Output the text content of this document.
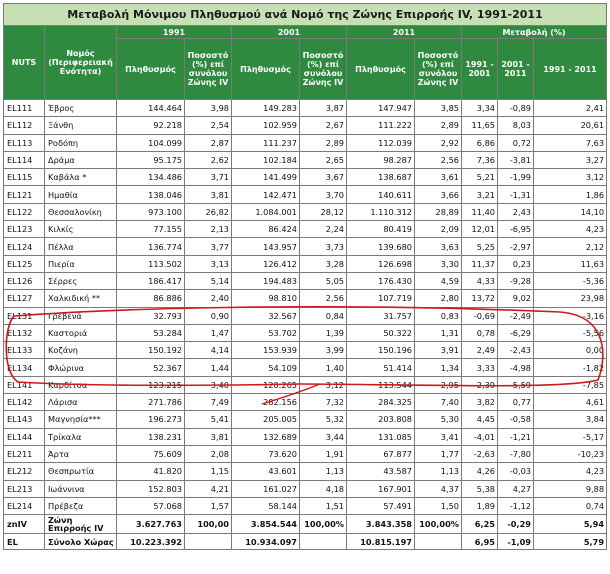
Μεταβολή Μόνιμου Πληθυσμού ανά Νομό της Ζώνης Επιρροής IV, 1991-2011										
NUTS	Νομός (Περιφερειακή Ενότητα)	1991		2001		2011		Μεταβολή (%)		
		Πληθυσμός	Ποσοστό (%) επί συνόλου Ζώνης IV	Πληθυσμός	Ποσοστό (%) επί συνόλου Ζώνης IV	Πληθυσμός	Ποσοστό (%) επί συνόλου Ζώνης IV	1991 - 2001	2001 - 2011	1991 - 2011
EL111	Έβρος	144.464	3,98	149.283	3,87	147.947	3,85	3,34	-0,89	2,41
EL112	Ξάνθη	92.218	2,54	102.959	2,67	111.222	2,89	11,65	8,03	20,61
EL113	Ροδόπη	104.099	2,87	111.237	2,89	112.039	2,92	6,86	0,72	7,63
EL114	Δράμα	95.175	2,62	102.184	2,65	98.287	2,56	7,36	-3,81	3,27
EL115	Καβάλα *	134.486	3,71	141.499	3,67	138.687	3,61	5,21	-1,99	3,12
EL121	Ημαθία	138.046	3,81	142.471	3,70	140.611	3,66	3,21	-1,31	1,86
EL122	Θεσσαλονίκη	973.100	26,82	1.084.001	28,12	1.110.312	28,89	11,40	2,43	14,10
EL123	Κιλκίς	77.155	2,13	86.424	2,24	80.419	2,09	12,01	-6,95	4,23
EL124	Πέλλα	136.774	3,77	143.957	3,73	139.680	3,63	5,25	-2,97	2,12
EL125	Πιερία	113.502	3,13	126.412	3,28	126.698	3,30	11,37	0,23	11,63
EL126	Σέρρες	186.417	5,14	194.483	5,05	176.430	4,59	4,33	-9,28	-5,36
EL127	Χαλκιδική **	86.886	2,40	98.810	2,56	107.719	2,80	13,72	9,02	23,98
EL131	Γρεβενά	32.793	0,90	32.567	0,84	31.757	0,83	-0,69	-2,49	-3,16
EL132	Καστοριά	53.284	1,47	53.702	1,39	50.322	1,31	0,78	-6,29	-5,56
EL133	Κοζάνη	150.192	4,14	153.939	3,99	150.196	3,91	2,49	-2,43	0,00
EL134	Φλώρινα	52.367	1,44	54.109	1,40	51.414	1,34	3,33	-4,98	-1,82
EL141	Καρδίτσα	123.215	3,40	120.265	3,12	113.544	2,95	-2,39	-5,59	-7,85
EL142	Λάρισα	271.786	7,49	282.156	7,32	284.325	7,40	3,82	0,77	4,61
EL143	Μαγνησία***	196.273	5,41	205.005	5,32	203.808	5,30	4,45	-0,58	3,84
EL144	Τρίκαλα	138.231	3,81	132.689	3,44	131.085	3,41	-4,01	-1,21	-5,17
EL211	Άρτα	75.609	2,08	73.620	1,91	67.877	1,77	-2,63	-7,80	-10,23
EL212	Θεσπρωτία	41.820	1,15	43.601	1,13	43.587	1,13	4,26	-0,03	4,23
EL213	Ιωάννινα	152.803	4,21	161.027	4,18	167.901	4,37	5,38	4,27	9,88
EL214	Πρέβεζα	57.068	1,57	58.144	1,51	57.491	1,50	1,89	-1,12	0,74
znIV	Ζώνη Επιρροής IV	3.627.763	100,00	3.854.544	100,00%	3.843.358	100,00%	6,25	-0,29	5,94
EL	Σύνολο Χώρας	10.223.392		10.934.097		10.815.197		6,95	-1,09	5,79
